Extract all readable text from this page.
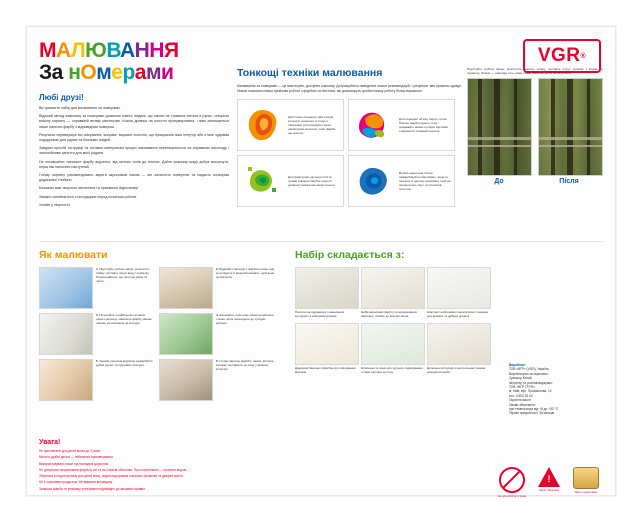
МАЛЮВАННЯ
За нОмерами
VGR ®
Любі друзі!

Ви тримаєте набір для малювання за номерами.

Відомий метод живопису за номерами дозволяє навіть людині, що ніколи не тримала пензля в руках, створити власну картину — справжній витвір мистецтва. Кожна ділянка на полотні пронумерована, і вам залишається лише нанести фарбу з відповідним номером.

Результат перевершує всі очікування: яскраве, виразне полотно, що прикрасить ваш інтер'єр або стане чудовим подарунком для рідних та близьких людей.

Завдяки простій інструкції та готовим матеріалам процес малювання перетворюється на справжню насолоду і заспокійливе заняття для всієї родини.

Не поспішайте: наносьте фарбу акуратно, від світлих тонів до темних. Дайте кожному шару добре висохнути, перш ніж наносити наступний.

Готову картину рекомендовано вкрити акриловим лаком — він захистить поверхню та надасть кольорам додаткової глибини.

Бажаємо вам творчого натхнення та приємного відпочинку!

Уважно ознайомтеся з інструкцією перед початком роботи.

Успіхів у творчості!

Тонкощі техніки малювання

Малювання за номерами — це мистецтво, доступне кожному. Дотримуйтесь наведених нижче рекомендацій, і результат вас приємно здивує. Нижче показано кілька прийомів роботи з фарбою та пензлем, які допоможуть зробити вашу роботу більш виразною.

Щоб м'яко поєднати два сусідні кольори, наносьте їх поруч і обережно розтушовуйте межу напівсухим пензлем, поки фарба ще волога.
Для передачі об'єму беріть трохи більше фарби одного тону і додавайте мазки сусідніх відтінків, створюючи плавний перехід.
Для фактурних ділянок (листя, трава) використовуйте короткі уривчасті мазки кінчиком пензля.
Великі однотонні площі зафарбовуйте рівномірно, ведучи пензель в одному напрямку, щоб не залишалось смуг та просвітів полотна.

Підготуйте робоче місце, розстеліть захисну плівку, поставте поруч склянку з водою та серветку. Нижче — приклад того, яким стане полотно до та після роботи.

До	Після
Як малювати
1. Підготуйте робоче місце, розстеліть плівку, поставте поруч воду і серветку. Переконайтесь, що полотно рівне та чисте.
2. Відкрийте баночки з фарбою лише тоді, коли будете її використовувати, щоб вона не висохла.
3. Починайте з найбільших ділянок одного кольору. Наносьте фарбу рівним шаром, не виходячи за контури.
4. Зачекайте, поки шар повністю висохне, і лише потім переходьте до сусідніх ділянок.
5. Тонким пензлем акуратно зафарбуйте дрібні деталі та підправте контури.
6. Готову картину вкрийте лаком, вставте в рамку та повісьте на стіну у вашому інтер'єрі.
Набір складається з:
Полотно на підрамнику з нанесеним контуром та номерами ділянок.
Набір акрилових фарб у пронумерованих баночках, готових до використання.
Комплект нейлонових пензлів різної товщини для великих та дрібних ділянок.
Додаткові баночки з фарбою для змішування відтінків.
Кріплення та гачки для зручного підвішування готової картини на стіну.
Детальна інструкція з контрольною схемою номерів кольорів.
Виробник:
ТОВ «ВГР» (VGR), Україна
Виробництво за ліцензією:
Хуачжоу, Китай
Імпортер та розповсюджувач:
ТОВ «ВГР ГРУП»
м. Київ, вул. Промислова, 14
тел. 0 800 33 00
Гарантія якості
Умови зберігання:
при температурі від +5 до +30 °C
Термін придатності: 36 місяців
Увага!

Не призначено для дітей віком до 3 років.

Містить дрібні деталі — небезпека проковтування.

Використовувати лише під наглядом дорослих.

Не допускати потрапляння фарби в очі та на слизові оболонки. При потраплянні — промити водою.

Зберігати в недоступному для дітей місці, подалі від прямих сонячних променів та джерел вогню.

Не є харчовим продуктом. Не вживати всередину.

Залишки фарби та упаковку утилізувати відповідно до місцевих правил.

Не для дітей до 3 років
!
Увага! Обережно
Якість гарантовано
